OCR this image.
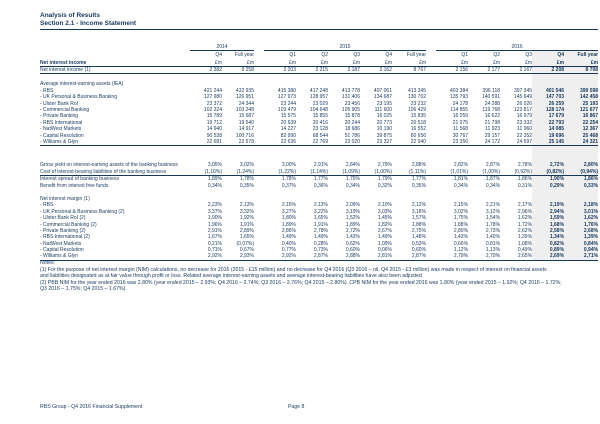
Analysis of Results
Section 2.1 - Income Statement
	2014			2015						2016				
	Q4	Full year		Q1	Q2	Q3	Q4	Full year		Q1	Q2	Q3	Q4	Full year
Net interest income	£m	£m		£m	£m	£m	£m	£m		£m	£m	£m	£m	£m
Net interest income (1)	2 382	9 258		2 203	2 215	2 187	2 162	8 767		2 156	2 177	2 167	2 208	8 708

Average interest-earning assets (IEA)														
- RBS	421 244	432 935		415 380	417 248	413 778	407 061	413 345		403 384	396 118	397 345	401 546	399 598
- UK Personal & Business Banking	127 980	126 951		127 973	128 957	131 406	134 687	130 702		135 793	140 591	145 649	147 703	142 458
- Ulster Bank RoI	23 372	24 344		23 244	23 029	23 456	23 195	23 232		24 178	24 288	26 026	26 259	25 193
- Commercial Banking	102 324	103 248		103 479	104 648	105 905	111 600	106 429		114 855	119 768	123 817	128 174	121 677
- Private Banking	15 789	15 687		15 575	15 855	15 878	16 025	15 835		16 259	16 622	16 979	17 679	16 867
- RBS International	19 712	19 540		20 639	20 416	20 244	20 773	20 518		21 075	21 798	23 332	22 793	22 254
- NatWest Markets	14 940	14 917		14 227	23 128	18 686	10 190	16 552		11 568	11 923	11 960	14 085	12 367
- Capital Resolution	90 538	100 716		82 990	68 544	51 786	39 875	60 656		30 767	29 157	22 352	19 696	25 468
- Williams & Glyn	22 681	22 678		22 636	22 769	23 020	23 327	22 940		23 356	24 172	24 597	25 145	24 321

Gross yield on interest-earning assets of the banking business	3,05%	3,02%		3,00%	2,91%	2,84%	2,79%	2,88%		2,82%	2,87%	2,78%	2,72%	2,80%
Cost of interest-bearing liabilities of the banking business	(1,16%)	(1,24%)		(1,22%)	(1,14%)	(1,09%)	(1,00%)	(1,11%)		(1,01%)	(1,00%)	(0,92%)	(0,82%)	(0,94%)
Interest spread of banking business	1,89%	1,78%		1,78%	1,77%	1,75%	1,79%	1,77%		1,81%	1,87%	1,86%	1,90%	1,86%
Benefit from interest free funds	0,34%	0,35%		0,37%	0,36%	0,34%	0,32%	0,35%		0,34%	0,34%	0,31%	0,29%	0,33%

Net interest margin (1)														
- RBS	2,23%	2,13%		2,15%	2,13%	2,09%	2,10%	2,12%		2,15%	2,21%	2,17%	2,19%	2,18%
- UK Personal & Business Banking (2)	3,37%	3,32%		3,27%	3,22%	3,19%	3,03%	3,18%		3,02%	3,12%	2,96%	2,94%	3,01%
- Ulster Bank RoI (2)	1,90%	1,92%		1,80%	1,65%	1,52%	1,45%	1,57%		1,75%	1,54%	1,62%	1,59%	1,62%
- Commercial Banking (2)	1,96%	1,91%		1,89%	1,91%	1,89%	1,82%	1,88%		1,88%	1,78%	1,72%	1,68%	1,76%
- Private Banking (2)	2,91%	2,89%		2,86%	2,78%	2,72%	2,67%	2,75%		2,80%	2,73%	2,62%	2,58%	2,68%
- RBS International (2)	1,67%	1,65%		1,49%	1,49%	1,43%	1,49%	1,48%		1,43%	1,40%	1,39%	1,34%	1,39%
- NatWest Markets	0,21%	(0,07%)		0,40%	0,28%	0,62%	1,09%	0,53%		0,66%	0,81%	1,08%	0,82%	0,84%
- Capital Resolution	0,71%	0,67%		0,77%	0,73%	0,60%	0,06%	0,60%		1,12%	1,13%	0,49%	0,89%	0,94%
- Williams & Glyn	2,92%	2,93%		2,92%	2,87%	2,88%	2,81%	2,87%		2,79%	2,70%	2,65%	2,69%	2,71%
Notes:
(1) For the purpose of net interest margin (NIM) calculations, no decrease for 2016 (2015 - £15 million) and no decrease for Q4 2016 (Q3 2016 – nil, Q4 2015 - £3 million) was made in respect of interest on financial assets
and liabilities designated as at fair value through profit or loss. Related average interest-earning assets and average interest-bearing liabilities have also been adjusted.
(2) PBB NIM for the year ended 2016 was 2.80% (year ended 2015 – 2.93%; Q4 2016 – 2.74%; Q3 2016 – 2.76%; Q4 2015 – 2.80%). CPB NIM for the year ended 2016 was 1.80% (year ended 2015 – 1.92%; Q4 2016 – 1.72%;
Q3 2016 – 1.75%; Q4 2015 – 1.67%).
RBS Group - Q4 2016 Financial Supplement	Page 8
